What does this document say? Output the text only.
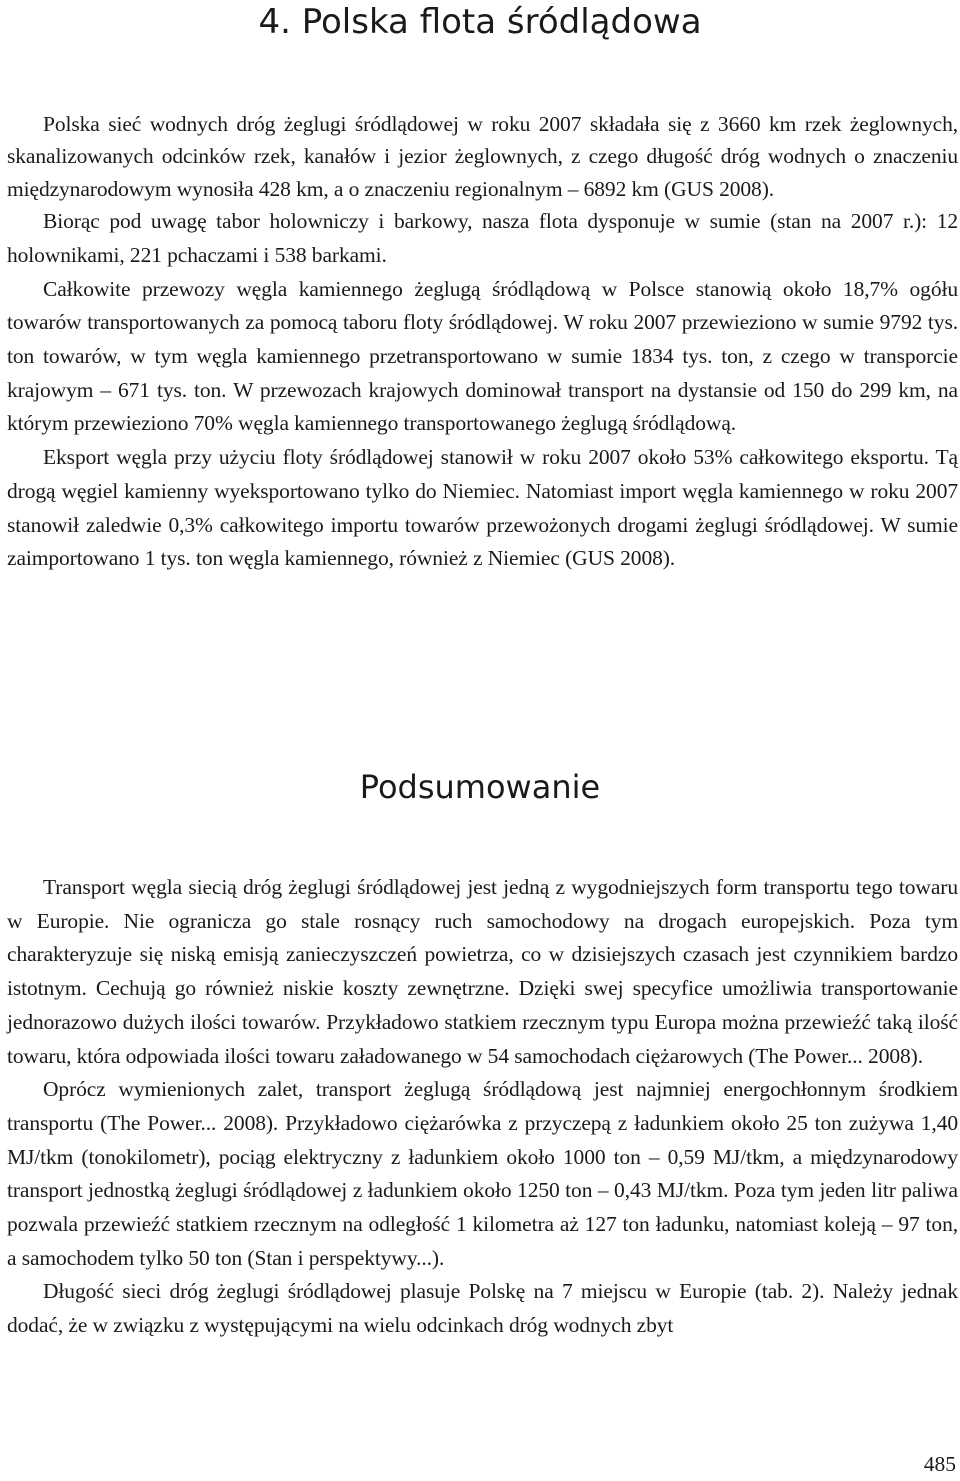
4. Polska flota śródlądowa

Polska sieć wodnych dróg żeglugi śródlądowej w roku 2007 składała się z 3660 km rzek żeglownych, skanalizowanych odcinków rzek, kanałów i jezior żeglownych, z czego długość dróg wodnych o znaczeniu międzynarodowym wynosiła 428 km, a o znaczeniu regionalnym – 6892 km (GUS 2008).

Biorąc pod uwagę tabor holowniczy i barkowy, nasza flota dysponuje w sumie (stan na 2007 r.): 12 holownikami, 221 pchaczami i 538 barkami.

Całkowite przewozy węgla kamiennego żeglugą śródlądową w Polsce stanowią około 18,7% ogółu towarów transportowanych za pomocą taboru floty śródlądowej. W roku 2007 przewieziono w sumie 9792 tys. ton towarów, w tym węgla kamiennego przetransportowano w sumie 1834 tys. ton, z czego w transporcie krajowym – 671 tys. ton. W przewozach krajowych dominował transport na dystansie od 150 do 299 km, na którym przewieziono 70% węgla kamiennego transportowanego żeglugą śródlądową.

Eksport węgla przy użyciu floty śródlądowej stanowił w roku 2007 około 53% całkowitego eksportu. Tą drogą węgiel kamienny wyeksportowano tylko do Niemiec. Natomiast import węgla kamiennego w roku 2007 stanowił zaledwie 0,3% całkowitego importu towarów przewożonych drogami żeglugi śródlądowej. W sumie zaimportowano 1 tys. ton węgla kamiennego, również z Niemiec (GUS 2008).

Podsumowanie

Transport węgla siecią dróg żeglugi śródlądowej jest jedną z wygodniejszych form transportu tego towaru w Europie. Nie ogranicza go stale rosnący ruch samochodowy na drogach europejskich. Poza tym charakteryzuje się niską emisją zanieczyszczeń powietrza, co w dzisiejszych czasach jest czynnikiem bardzo istotnym. Cechują go również niskie koszty zewnętrzne. Dzięki swej specyfice umożliwia transportowanie jednorazowo dużych ilości towarów. Przykładowo statkiem rzecznym typu Europa można przewieźć taką ilość towaru, która odpowiada ilości towaru załadowanego w 54 samochodach ciężarowych (The Power... 2008).

Oprócz wymienionych zalet, transport żeglugą śródlądową jest najmniej energochłonnym środkiem transportu (The Power... 2008). Przykładowo ciężarówka z przyczepą z ładunkiem około 25 ton zużywa 1,40 MJ/tkm (tonokilometr), pociąg elektryczny z ładunkiem około 1000 ton – 0,59 MJ/tkm, a międzynarodowy transport jednostką żeglugi śródlądowej z ładunkiem około 1250 ton – 0,43 MJ/tkm. Poza tym jeden litr paliwa pozwala przewieźć statkiem rzecznym na odległość 1 kilometra aż 127 ton ładunku, natomiast koleją – 97 ton, a samochodem tylko 50 ton (Stan i perspektywy...).

Długość sieci dróg żeglugi śródlądowej plasuje Polskę na 7 miejscu w Europie (tab. 2). Należy jednak dodać, że w związku z występującymi na wielu odcinkach dróg wodnych zbyt

485
